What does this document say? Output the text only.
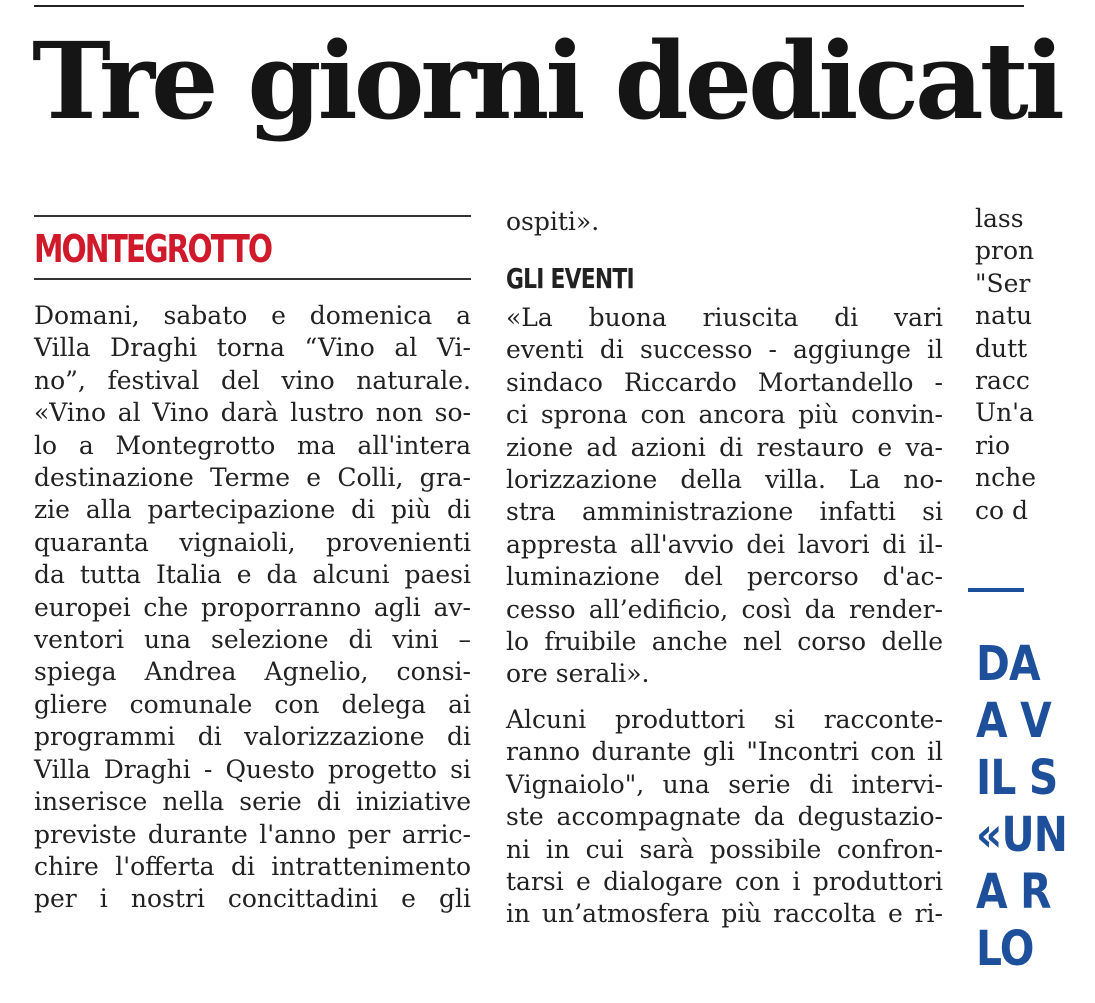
Tre giorni dedicati
MONTEGROTTO
Domani, sabato e domenica a
Villa Draghi torna “Vino al Vi-
no”, festival del vino naturale.
«Vino al Vino darà lustro non so-
lo a Montegrotto ma all'intera
destinazione Terme e Colli, gra-
zie alla partecipazione di più di
quaranta vignaioli, provenienti
da tutta Italia e da alcuni paesi
europei che proporranno agli av-
ventori una selezione di vini –
spiega Andrea Agnelio, consi-
gliere comunale con delega ai
programmi di valorizzazione di
Villa Draghi - Questo progetto si
inserisce nella serie di iniziative
previste durante l'anno per arric-
chire l'offerta di intrattenimento
per i nostri concittadini e gli
ospiti».
GLI EVENTI
«La buona riuscita di vari
eventi di successo - aggiunge il
sindaco Riccardo Mortandello -
ci sprona con ancora più convin-
zione ad azioni di restauro e va-
lorizzazione della villa. La no-
stra amministrazione infatti si
appresta all'avvio dei lavori di il-
luminazione del percorso d'ac-
cesso all’edificio, così da render-
lo fruibile anche nel corso delle
ore serali».
Alcuni produttori si racconte-
ranno durante gli "Incontri con il
Vignaiolo", una serie di intervi-
ste accompagnate da degustazio-
ni in cui sarà possibile confron-
tarsi e dialogare con i produttori
in un’atmosfera più raccolta e ri-
lass
pron
"Ser
natu
dutt
racc
Un'a
rio
nche
co d
DA
A V
IL S
«UN
A R
LO
